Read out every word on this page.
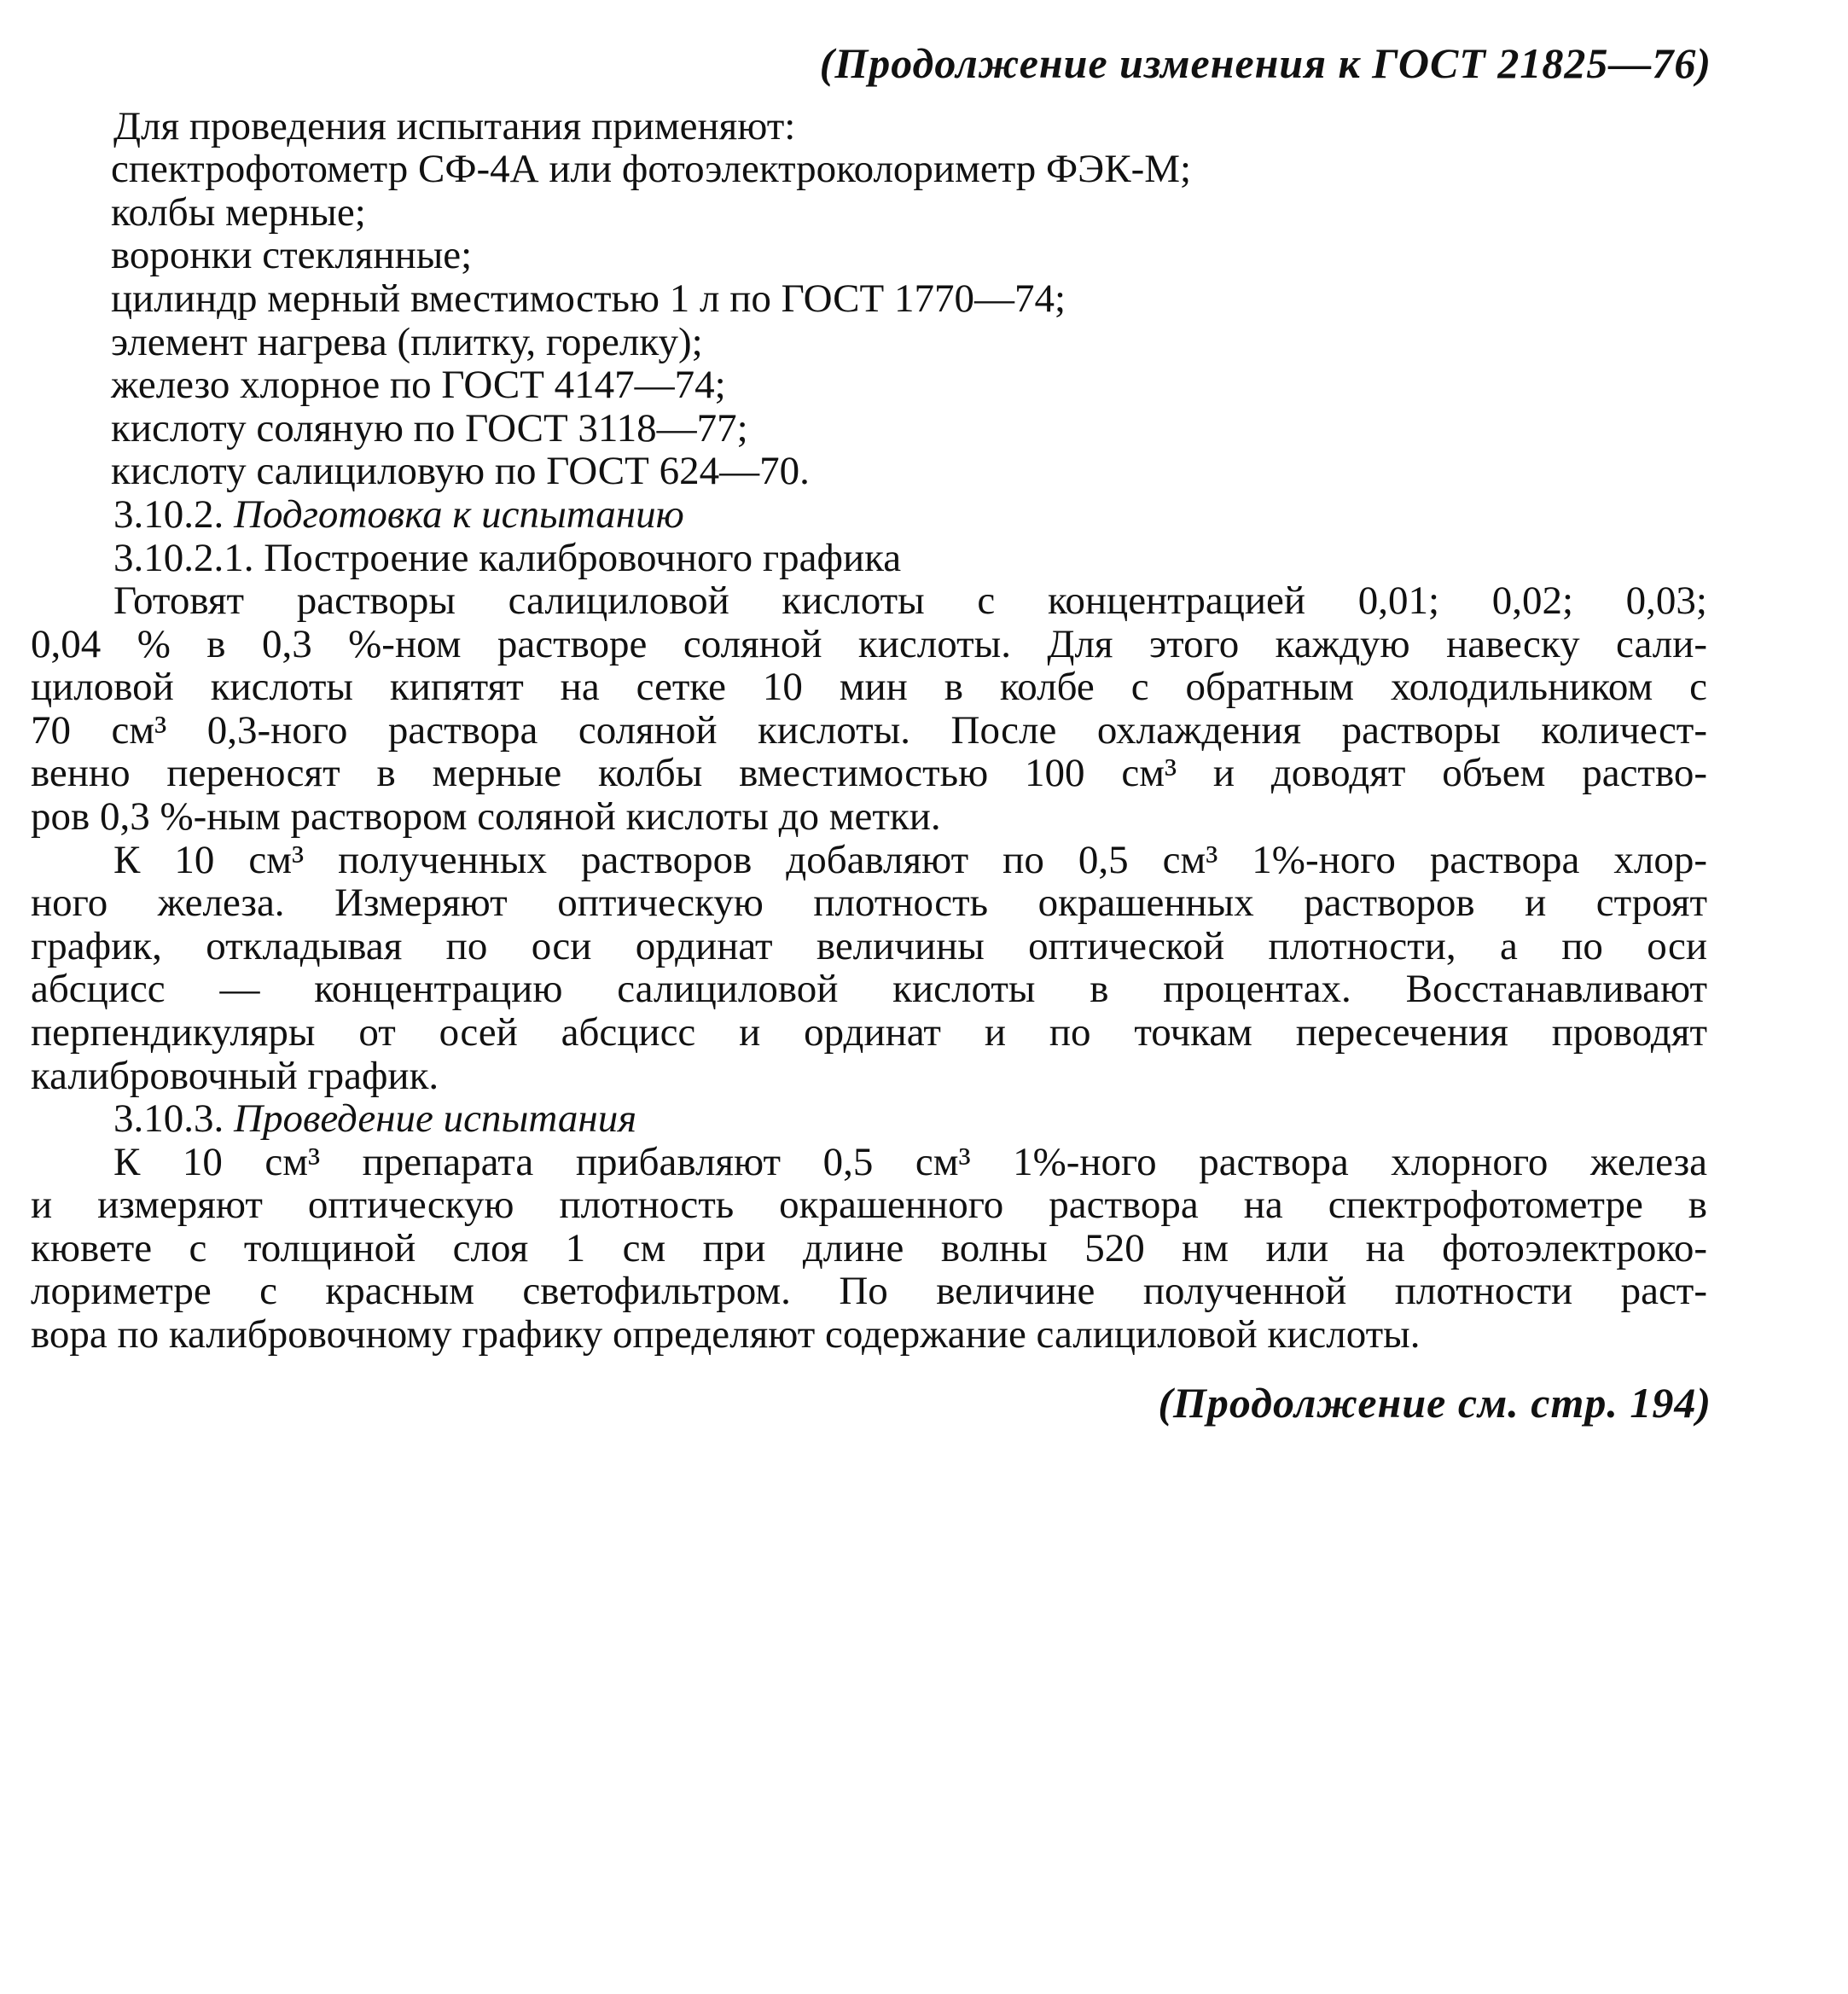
(Продолжение изменения к ГОСТ 21825—76)
Для проведения испытания применяют:
спектрофотометр СФ-4А или фотоэлектроколориметр ФЭК-М;
колбы мерные;
воронки стеклянные;
цилиндр мерный вместимостью 1 л по ГОСТ 1770—74;
элемент нагрева (плитку, горелку);
железо хлорное по ГОСТ 4147—74;
кислоту соляную по ГОСТ 3118—77;
кислоту салициловую по ГОСТ 624—70.
3.10.2. Подготовка к испытанию
3.10.2.1. Построение калибровочного графика
Готовят растворы салициловой кислоты с концентрацией 0,01; 0,02; 0,03;
0,04 % в 0,3 %-ном растворе соляной кислоты. Для этого каждую навеску сали-
циловой кислоты кипятят на сетке 10 мин в колбе с обратным холодильником с
70 см³ 0,3-ного раствора соляной кислоты. После охлаждения растворы количест-
венно переносят в мерные колбы вместимостью 100 см³ и доводят объем раство-
ров 0,3 %-ным раствором соляной кислоты до метки.
К 10 см³ полученных растворов добавляют по 0,5 см³ 1%-ного раствора хлор-
ного железа. Измеряют оптическую плотность окрашенных растворов и строят
график, откладывая по оси ординат величины оптической плотности, а по оси
абсцисс — концентрацию салициловой кислоты в процентах. Восстанавливают
перпендикуляры от осей абсцисс и ординат и по точкам пересечения проводят
калибровочный график.
3.10.3. Проведение испытания
К 10 см³ препарата прибавляют 0,5 см³ 1%-ного раствора хлорного железа
и измеряют оптическую плотность окрашенного раствора на спектрофотометре в
кювете с толщиной слоя 1 см при длине волны 520 нм или на фотоэлектроко-
лориметре с красным светофильтром. По величине полученной плотности раст-
вора по калибровочному графику определяют содержание салициловой кислоты.
(Продолжение см. стр. 194)
